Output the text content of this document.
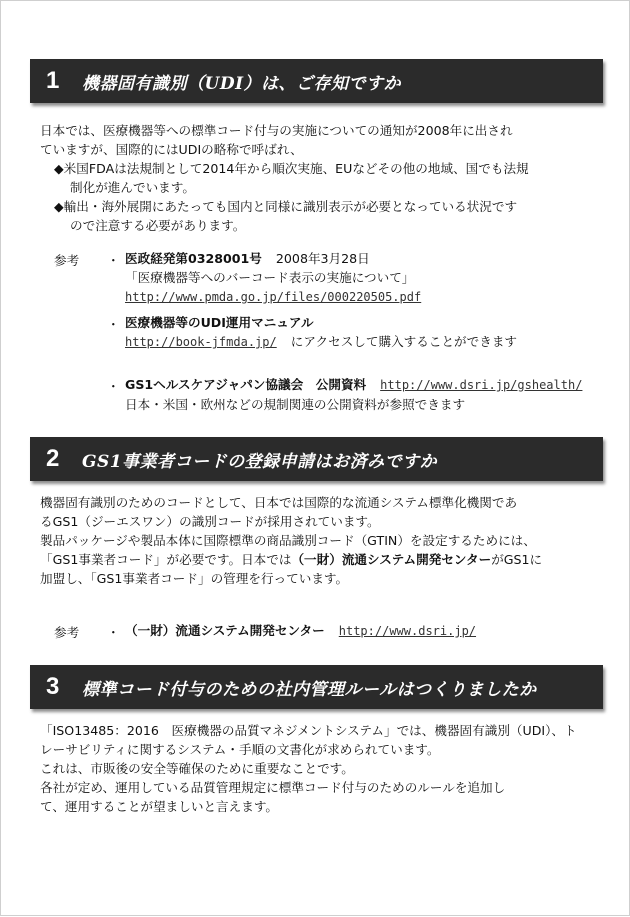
1	機器固有識別（UDI）は、ご存知ですか
日本では、医療機器等への標準コード付与の実施についての通知が2008年に出され
ていますが、国際的にはUDIの略称で呼ばれ、
◆米国FDAは法規制として2014年から順次実施、EUなどその他の地域、国でも法規
制化が進んでいます。
◆輸出・海外展開にあたっても国内と同様に識別表示が必要となっている状況です
ので注意する必要があります。
参考 ・ 医政経発第0328001号 2008年3月28日
「医療機器等へのバーコード表示の実施について」
http://www.pmda.go.jp/files/000220505.pdf
・ 医療機器等のUDI運用マニュアル
http://book-jfmda.jp/ にアクセスして購入することができます
・ GS1ヘルスケアジャパン協議会　公開資料 http://www.dsri.jp/gshealth/
日本・米国・欧州などの規制関連の公開資料が参照できます
2	GS1事業者コードの登録申請はお済みですか
機器固有識別のためのコードとして、日本では国際的な流通システム標準化機関であ
るGS1（ジーエスワン）の識別コードが採用されています。
製品パッケージや製品本体に国際標準の商品識別コード（GTIN）を設定するためには、
「GS1事業者コード」が必要です。日本では（一財）流通システム開発センターがGS1に
加盟し、「GS1事業者コード」の管理を行っています。
参考 ・ （一財）流通システム開発センター http://www.dsri.jp/
3	標準コード付与のための社内管理ルールはつくりましたか
「ISO13485：2016　医療機器の品質マネジメントシステム」では、機器固有識別（UDI）、ト
レーサビリティに関するシステム・手順の文書化が求められています。
これは、市販後の安全等確保のために重要なことです。
各社が定め、運用している品質管理規定に標準コード付与のためのルールを追加し
て、運用することが望ましいと言えます。
